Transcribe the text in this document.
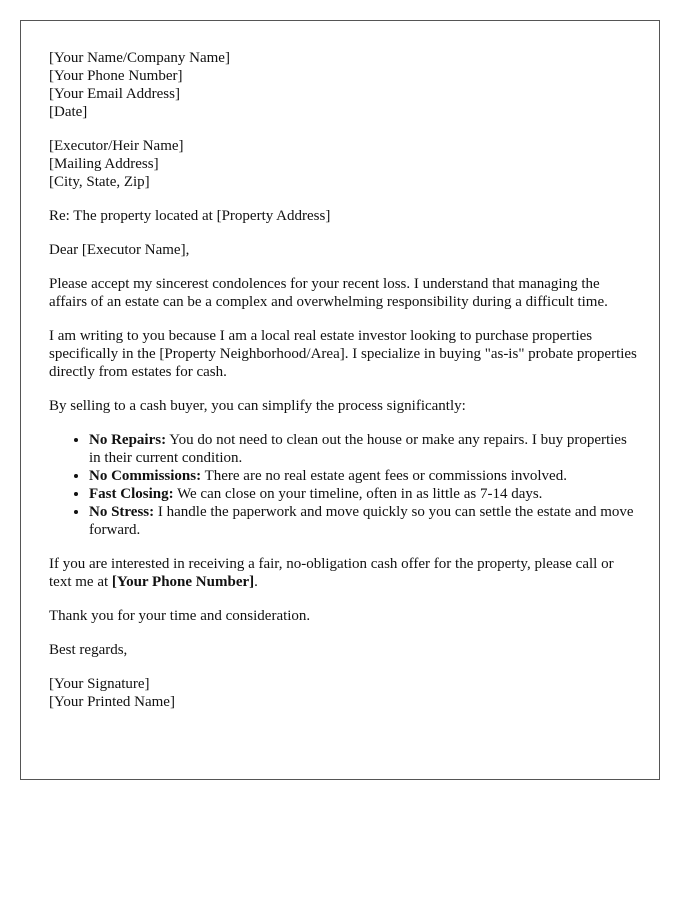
[Your Name/Company Name]
[Your Phone Number]
[Your Email Address]
[Date]
[Executor/Heir Name]
[Mailing Address]
[City, State, Zip]

Re: The property located at [Property Address]

Dear [Executor Name],

Please accept my sincerest condolences for your recent loss. I understand that managing the affairs of an estate can be a complex and overwhelming responsibility during a difficult time.

I am writing to you because I am a local real estate investor looking to purchase properties specifically in the [Property Neighborhood/Area]. I specialize in buying "as-is" probate properties directly from estates for cash.

By selling to a cash buyer, you can simplify the process significantly:

• No Repairs: You do not need to clean out the house or make any repairs. I buy properties in their current condition.
• No Commissions: There are no real estate agent fees or commissions involved.
• Fast Closing: We can close on your timeline, often in as little as 7-14 days.
• No Stress: I handle the paperwork and move quickly so you can settle the estate and move forward.

If you are interested in receiving a fair, no-obligation cash offer for the property, please call or text me at [Your Phone Number].

Thank you for your time and consideration.

Best regards,

[Your Signature]
[Your Printed Name]
